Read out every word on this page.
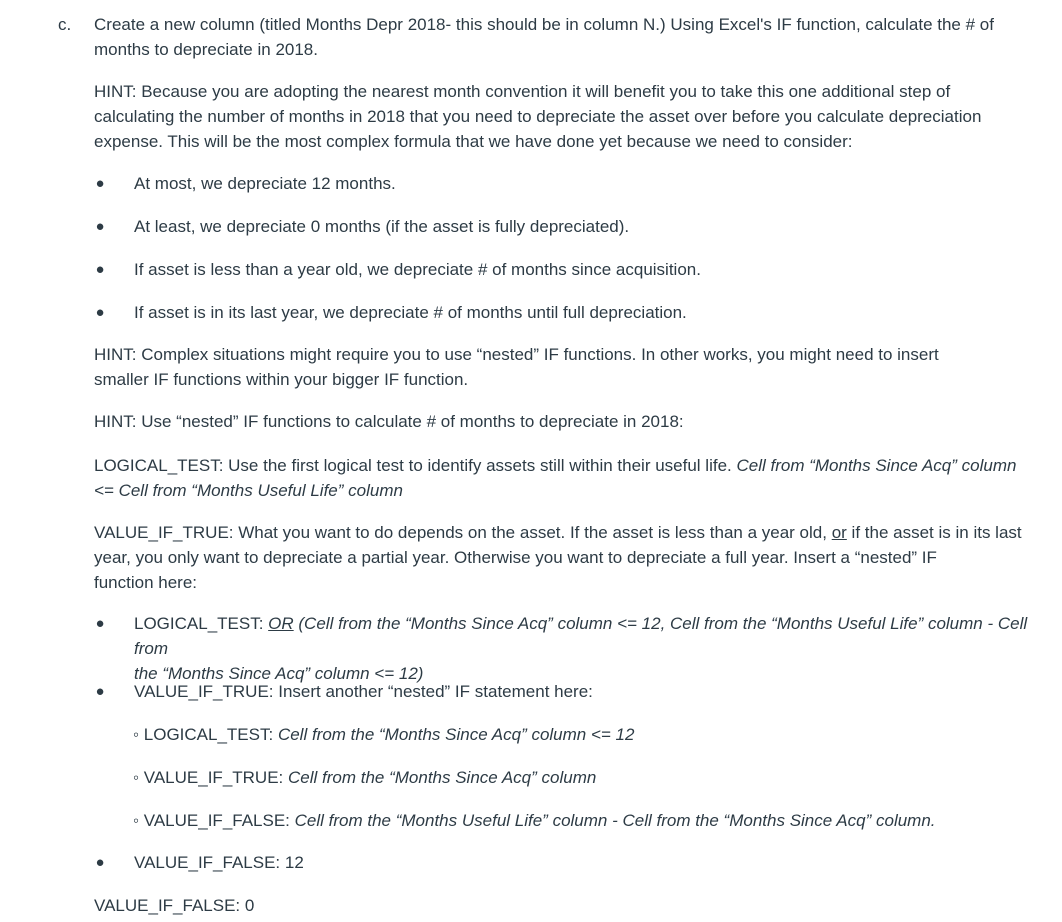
c.	Create a new column (titled Months Depr 2018- this should be in column N.) Using Excel's IF function, calculate the # of
months to depreciate in 2018.

HINT: Because you are adopting the nearest month convention it will benefit you to take this one additional step of
calculating the number of months in 2018 that you need to depreciate the asset over before you calculate depreciation
expense. This will be the most complex formula that we have done yet because we need to consider:

● At most, we depreciate 12 months.
● At least, we depreciate 0 months (if the asset is fully depreciated).
● If asset is less than a year old, we depreciate # of months since acquisition.
● If asset is in its last year, we depreciate # of months until full depreciation.

HINT: Complex situations might require you to use “nested” IF functions. In other works, you might need to insert
smaller IF functions within your bigger IF function.

HINT: Use “nested” IF functions to calculate # of months to depreciate in 2018:

LOGICAL_TEST: Use the first logical test to identify assets still within their useful life. Cell from “Months Since Acq” column
<= Cell from “Months Useful Life” column

VALUE_IF_TRUE: What you want to do depends on the asset. If the asset is less than a year old, or if the asset is in its last
year, you only want to depreciate a partial year. Otherwise you want to depreciate a full year. Insert a “nested” IF
function here:

● LOGICAL_TEST: OR (Cell from the “Months Since Acq” column <= 12, Cell from the “Months Useful Life” column - Cell from
the “Months Since Acq” column <= 12)
● VALUE_IF_TRUE: Insert another “nested” IF statement here:
◦ LOGICAL_TEST: Cell from the “Months Since Acq” column <= 12
◦ VALUE_IF_TRUE: Cell from the “Months Since Acq” column
◦ VALUE_IF_FALSE: Cell from the “Months Useful Life” column - Cell from the “Months Since Acq” column.
● VALUE_IF_FALSE: 12

VALUE_IF_FALSE: 0
